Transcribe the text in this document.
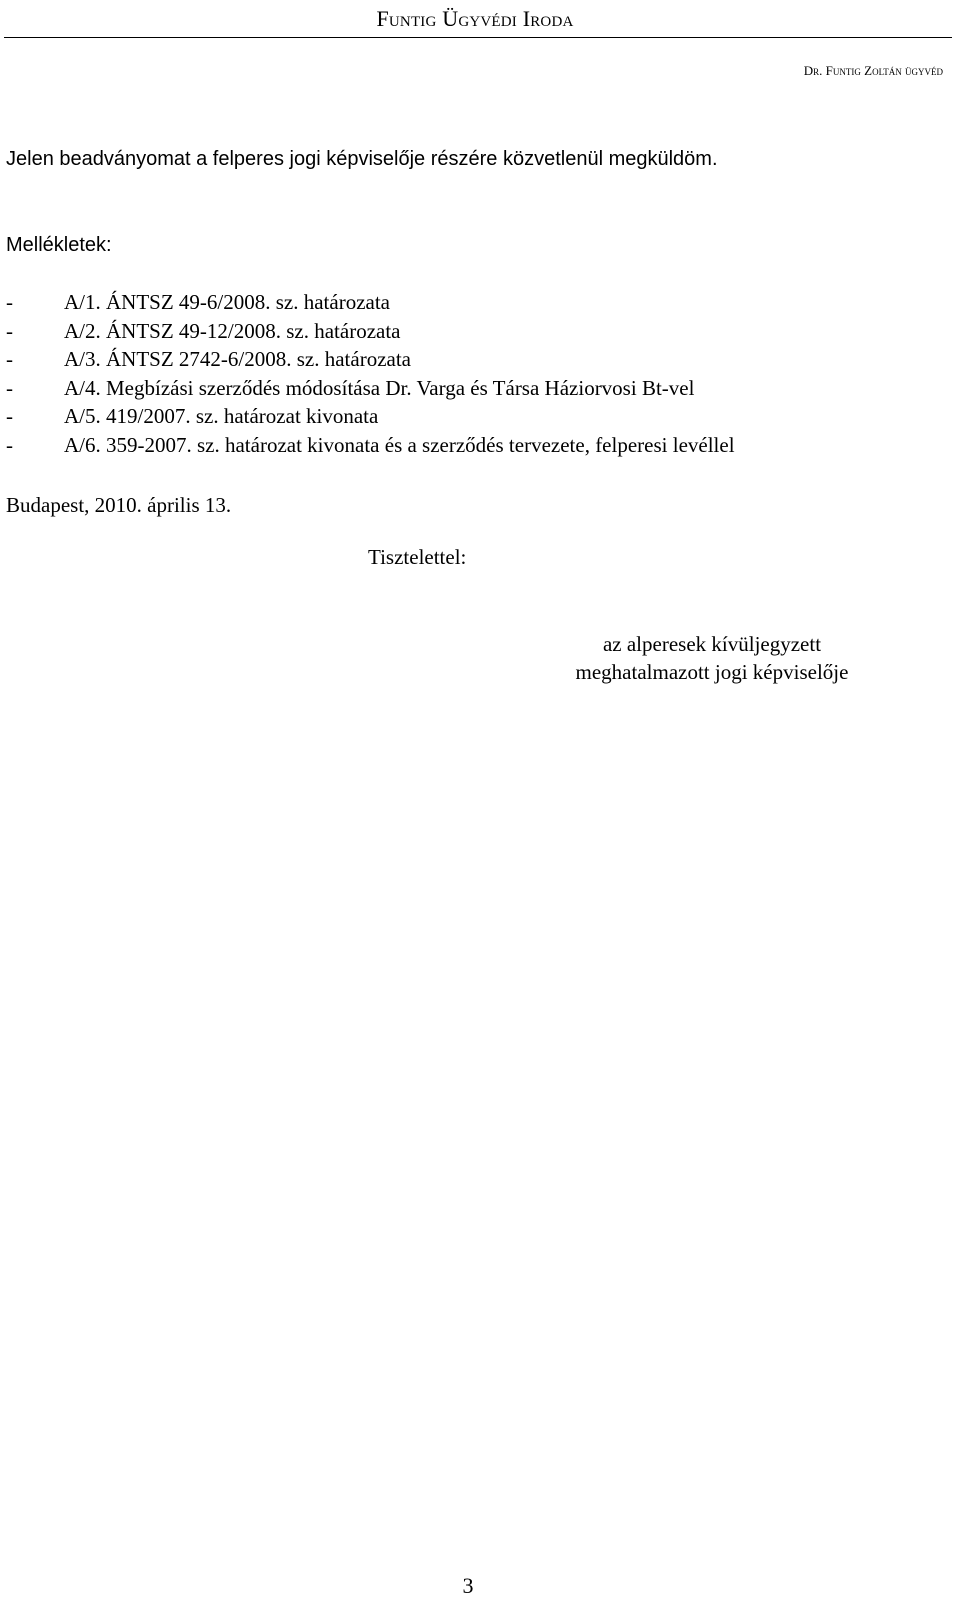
Funtig Ügyvédi Iroda
Dr. Funtig Zoltán ügyvéd
Jelen beadványomat a felperes jogi képviselője részére közvetlenül megküldöm.
Mellékletek:
-	A/1. ÁNTSZ 49-6/2008. sz. határozata
-	A/2. ÁNTSZ 49-12/2008. sz. határozata
-	A/3. ÁNTSZ 2742-6/2008. sz. határozata
-	A/4. Megbízási szerződés módosítása Dr. Varga és Társa Háziorvosi Bt-vel
-	A/5. 419/2007. sz. határozat kivonata
-	A/6. 359-2007. sz. határozat kivonata és a szerződés tervezete, felperesi levéllel
Budapest, 2010. április 13.
Tisztelettel:
az alperesek kívüljegyzett
meghatalmazott jogi képviselője
3
